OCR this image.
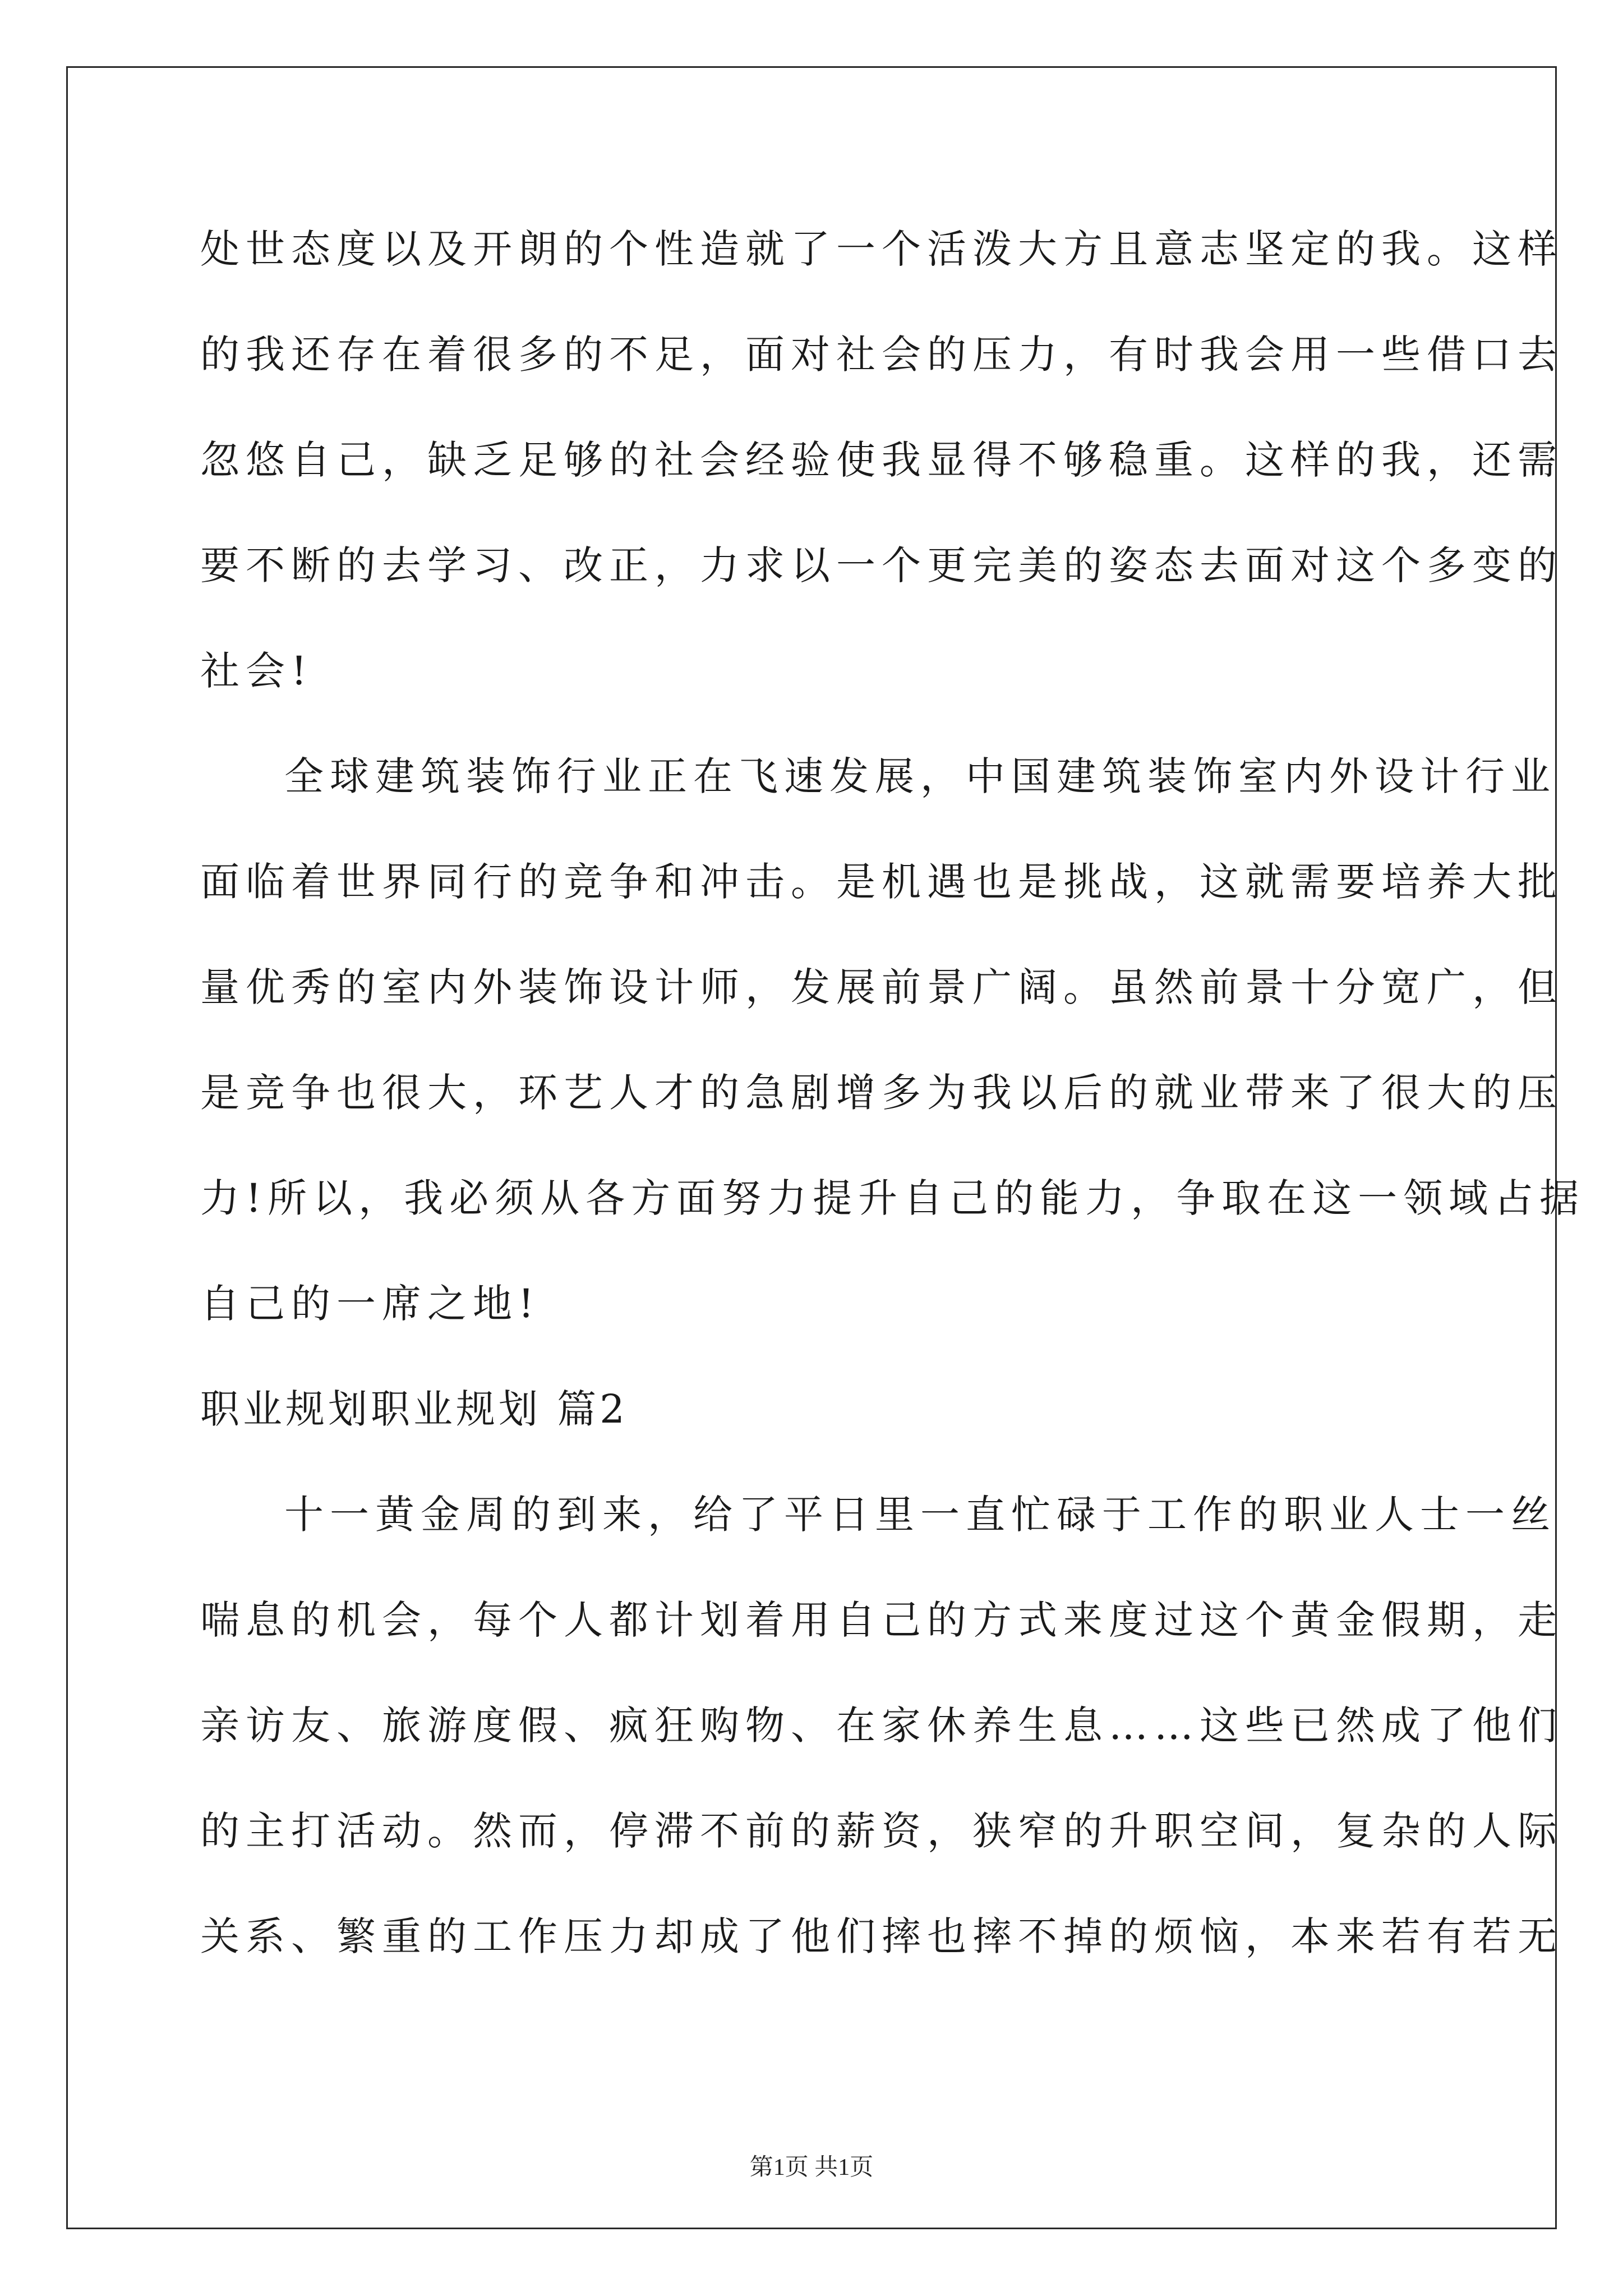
处世态度以及开朗的个性造就了一个活泼大方且意志坚定的我。这样
的我还存在着很多的不足，面对社会的压力，有时我会用一些借口去
忽悠自己，缺乏足够的社会经验使我显得不够稳重。这样的我，还需
要不断的去学习、改正，力求以一个更完美的姿态去面对这个多变的
社会!
全球建筑装饰行业正在飞速发展，中国建筑装饰室内外设计行业
面临着世界同行的竞争和冲击。是机遇也是挑战，这就需要培养大批
量优秀的室内外装饰设计师，发展前景广阔。虽然前景十分宽广，但
是竞争也很大，环艺人才的急剧增多为我以后的就业带来了很大的压
力!所以，我必须从各方面努力提升自己的能力，争取在这一领域占据
自己的一席之地!
职业规划职业规划 篇2
十一黄金周的到来，给了平日里一直忙碌于工作的职业人士一丝
喘息的机会，每个人都计划着用自己的方式来度过这个黄金假期，走
亲访友、旅游度假、疯狂购物、在家休养生息……这些已然成了他们
的主打活动。然而，停滞不前的薪资，狭窄的升职空间，复杂的人际
关系、繁重的工作压力却成了他们摔也摔不掉的烦恼，本来若有若无
第1页 共1页
